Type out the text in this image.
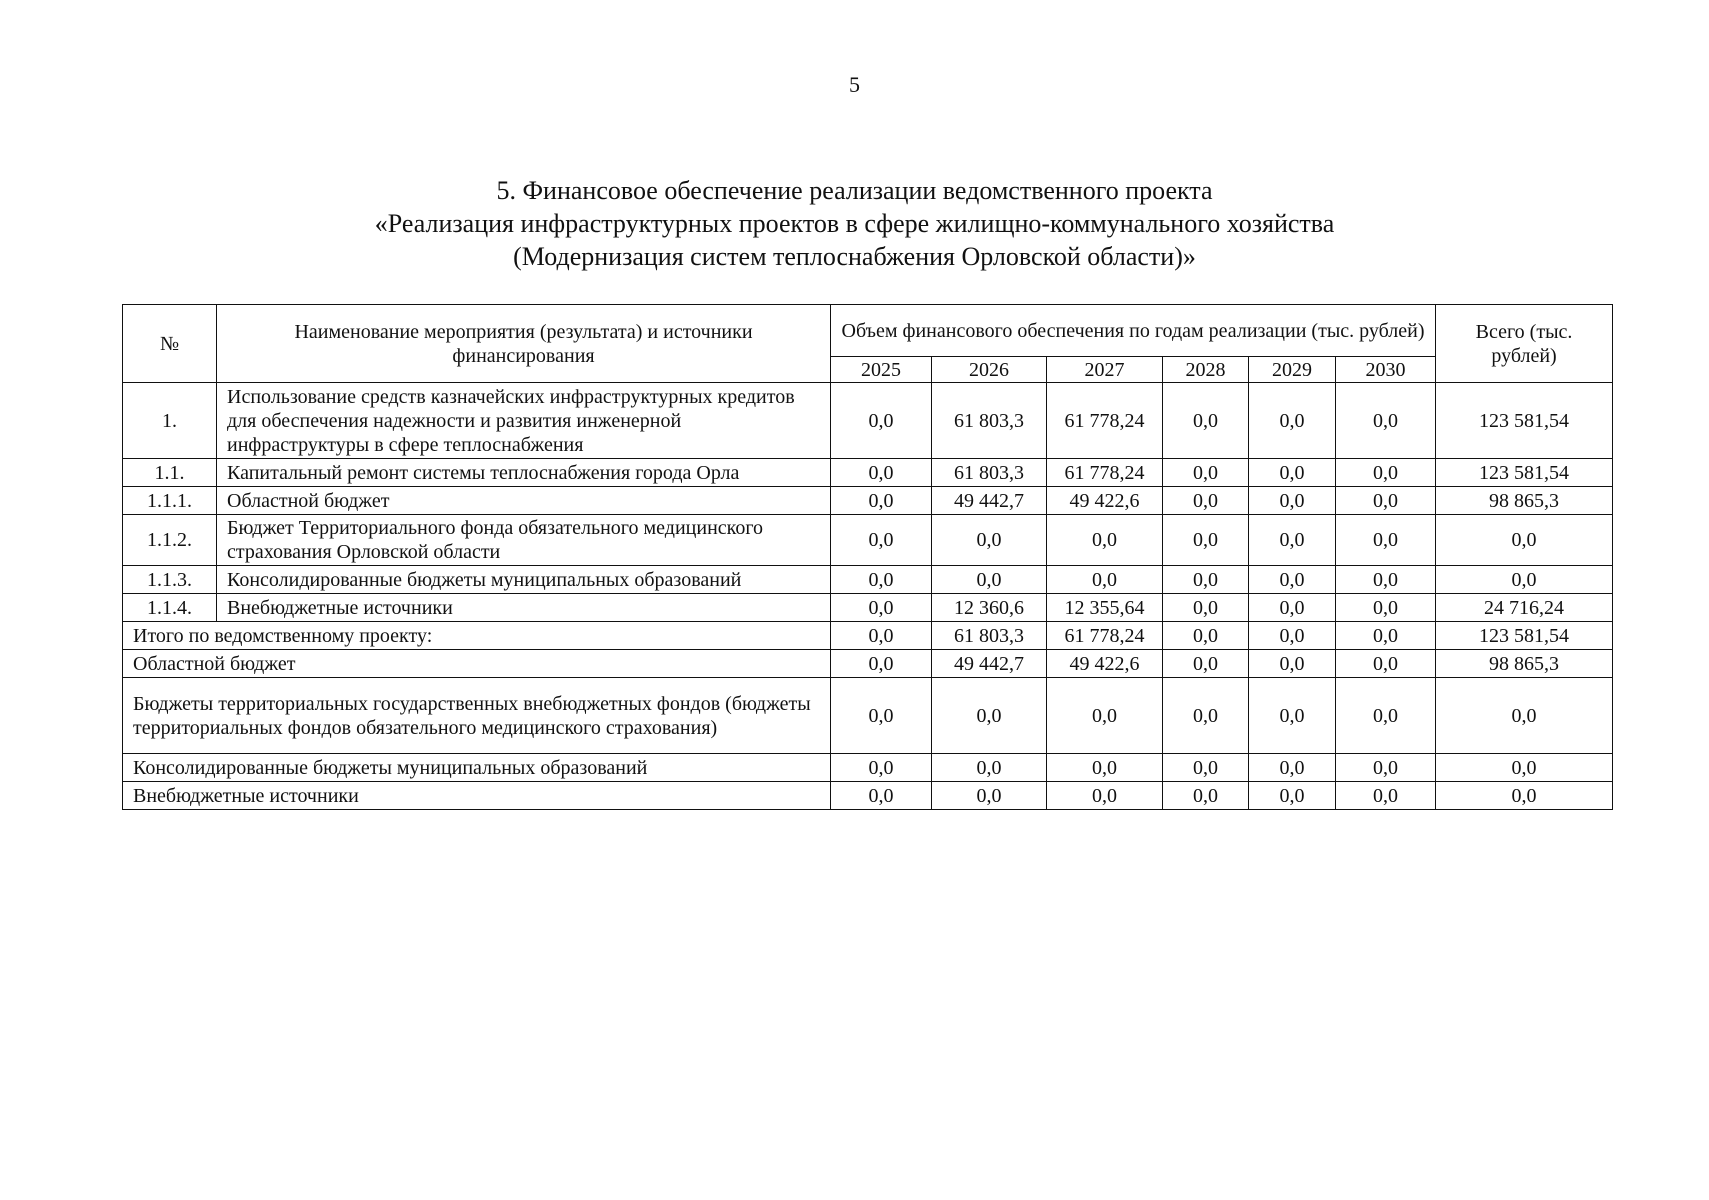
5
5. Финансовое обеспечение реализации ведомственного проекта
«Реализация инфраструктурных проектов в сфере жилищно-коммунального хозяйства
(Модернизация систем теплоснабжения Орловской области)»
№	Наименование мероприятия (результата) и источники финансирования	Объем финансового обеспечения по годам реализации (тыс. рублей)						Всего (тыс. рублей)
		2025	2026	2027	2028	2029	2030	
1.	Использование средств казначейских инфраструктурных кредитов для обеспечения надежности и развития инженерной инфраструктуры в сфере теплоснабжения	0,0	61 803,3	61 778,24	0,0	0,0	0,0	123 581,54
1.1.	Капитальный ремонт системы теплоснабжения города Орла	0,0	61 803,3	61 778,24	0,0	0,0	0,0	123 581,54
1.1.1.	Областной бюджет	0,0	49 442,7	49 422,6	0,0	0,0	0,0	98 865,3
1.1.2.	Бюджет Территориального фонда обязательного медицинского страхования Орловской области	0,0	0,0	0,0	0,0	0,0	0,0	0,0
1.1.3.	Консолидированные бюджеты муниципальных образований	0,0	0,0	0,0	0,0	0,0	0,0	0,0
1.1.4.	Внебюджетные источники	0,0	12 360,6	12 355,64	0,0	0,0	0,0	24 716,24
Итого по ведомственному проекту:		0,0	61 803,3	61 778,24	0,0	0,0	0,0	123 581,54
Областной бюджет		0,0	49 442,7	49 422,6	0,0	0,0	0,0	98 865,3
Бюджеты территориальных государственных внебюджетных фондов (бюджеты территориальных фондов обязательного медицинского страхования)		0,0	0,0	0,0	0,0	0,0	0,0	0,0
Консолидированные бюджеты муниципальных образований		0,0	0,0	0,0	0,0	0,0	0,0	0,0
Внебюджетные источники		0,0	0,0	0,0	0,0	0,0	0,0	0,0
